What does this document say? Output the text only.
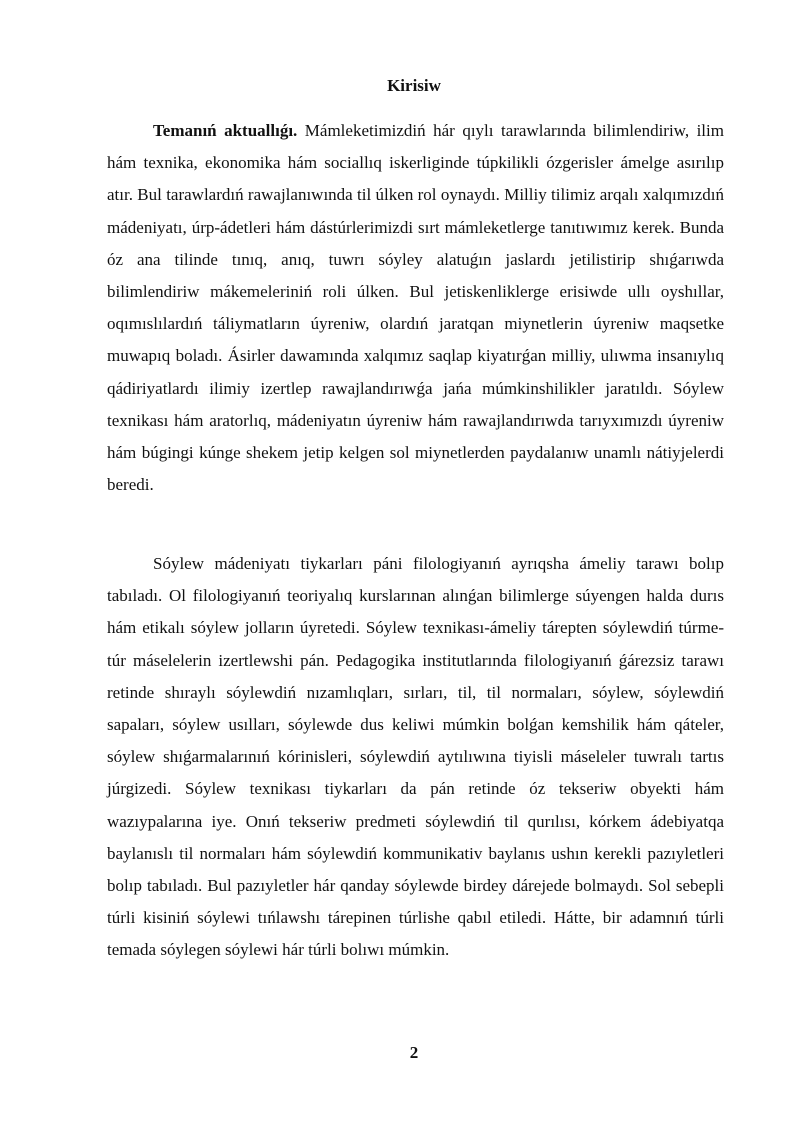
Kirisiw

Temanıń aktuallıǵı. Mámleketimizdiń hár qıylı tarawlarında bilimlendiriw, ilim hám texnika, ekonomika hám sociallıq iskerliginde túpkilikli ózgerisler ámelge asırılıp atır. Bul tarawlardıń rawajlanıwında til úlken rol oynaydı. Milliy tilimiz arqalı xalqımızdıń mádeniyatı, úrp-ádetleri hám dástúrlerimizdi sırt mámleketlerge tanıtıwımız kerek. Bunda óz ana tilinde tınıq, anıq, tuwrı sóyley alatuǵın jaslardı jetilistirip shıǵarıwda bilimlendiriw mákemeleriniń roli úlken. Bul jetiskenliklerge erisiwde ullı oyshıllar, oqımıslılardıń táliymatların úyreniw, olardıń jaratqan miynetlerin úyreniw maqsetke muwapıq boladı. Ásirler dawamında xalqımız saqlap kiyatırǵan milliy, ulıwma insanıylıq qádiriyatlardı ilimiy izertlep rawajlandırıwǵa jańa múmkinshilikler jaratıldı. Sóylew texnikası hám aratorlıq, mádeniyatın úyreniw hám rawajlandırıwda tarıyxımızdı úyreniw hám búgingi kúnge shekem jetip kelgen sol miynetlerden paydalanıw unamlı nátiyjelerdi beredi.

Sóylew mádeniyatı tiykarları páni filologiyanıń ayrıqsha ámeliy tarawı bolıp tabıladı. Ol filologiyanıń teoriyalıq kurslarınan alınǵan bilimlerge súyengen halda durıs hám etikalı sóylew jolların úyretedi. Sóylew texnikası-ámeliy tárepten sóylewdiń túrme-túr máselelerin izertlewshi pán. Pedagogika institutlarında filologiyanıń ǵárezsiz tarawı retinde shıraylı sóylewdiń nızamlıqları, sırları, til, til normaları, sóylew, sóylewdiń sapaları, sóylew usılları, sóylewde dus keliwi múmkin bolǵan kemshilik hám qáteler, sóylew shıǵarmalarınıń kórinisleri, sóylewdiń aytılıwına tiyisli máseleler tuwralı tartıs júrgizedi. Sóylew texnikası tiykarları da pán retinde óz tekseriw obyekti hám wazıypalarına iye. Onıń tekseriw predmeti sóylewdiń til qurılısı, kórkem ádebiyatqa baylanıslı til normaları hám sóylewdiń kommunikativ baylanıs ushın kerekli pazıyletleri bolıp tabıladı. Bul pazıyletler hár qanday sóylewde birdey dárejede bolmaydı. Sol sebepli túrli kisiniń sóylewi tıńlawshı tárepinen túrlishe qabıl etiledi. Hátte, bir adamnıń túrli temada sóylegen sóylewi hár túrli bolıwı múmkin.

2
